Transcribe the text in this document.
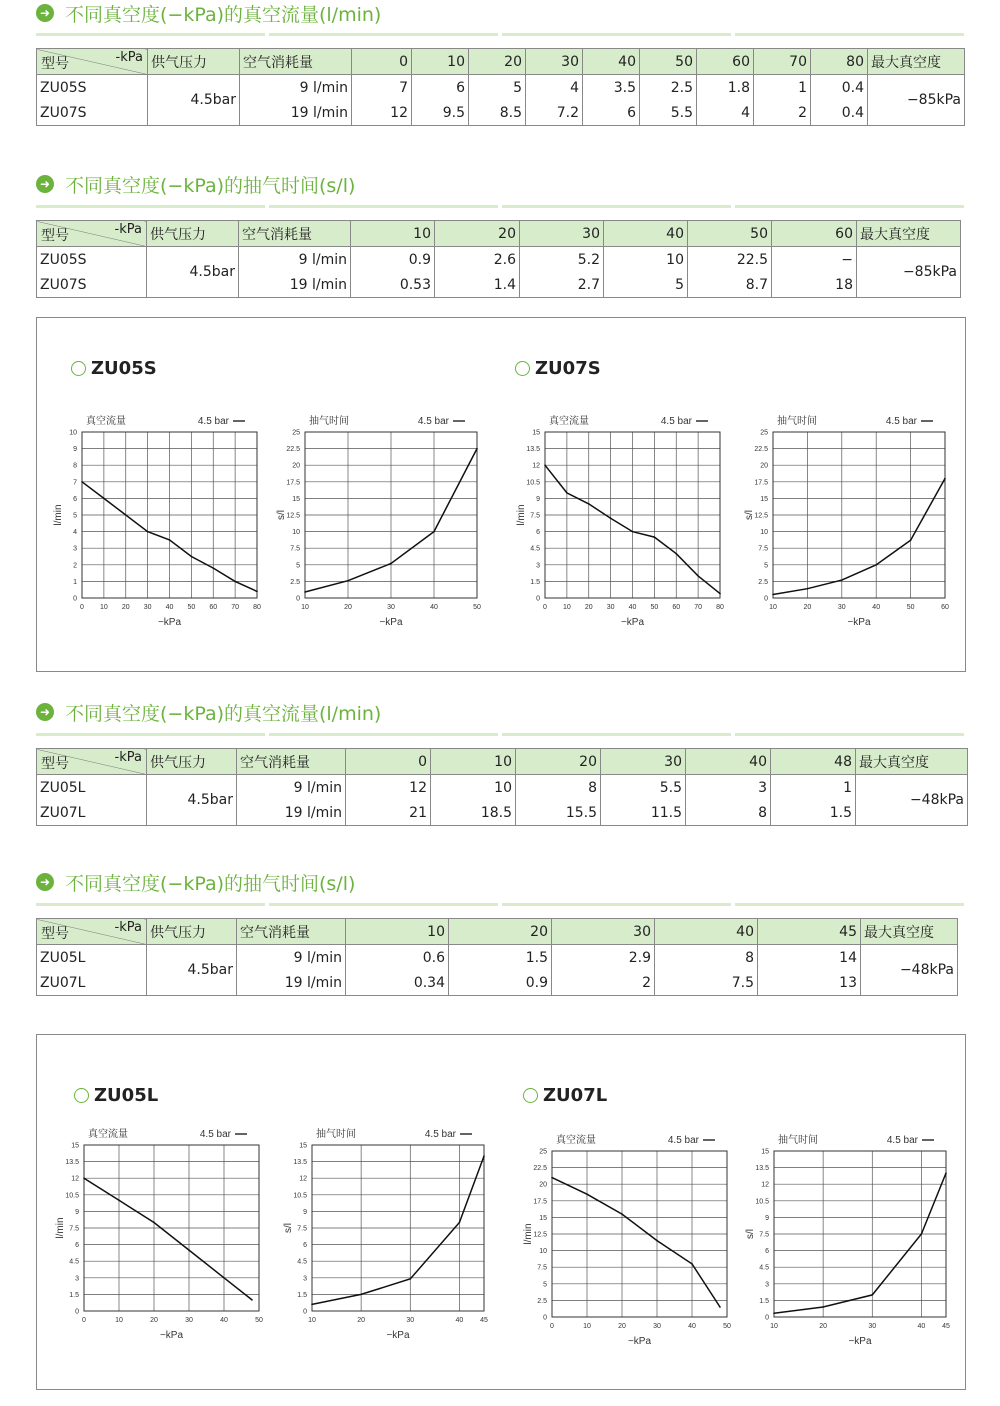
➜ 不同真空度(−kPa)的真空流量(l/min)
-kPa
型号	供气压力	空气消耗量	0	10	20	30	40	50	60	70	80	最大真空度
ZU05S	4.5bar	9 l/min	7	6	5	4	3.5	2.5	1.8	1	0.4	−85kPa
ZU07S		19 l/min	12	9.5	8.5	7.2	6	5.5	4	2	0.4	
➜ 不同真空度(−kPa)的抽气时间(s/l)
-kPa
型号	供气压力	空气消耗量	10	20	30	40	50	60	最大真空度
ZU05S	4.5bar	9 l/min	0.9	2.6	5.2	10	22.5	−	−85kPa
ZU07S		19 l/min	0.53	1.4	2.7	5	8.7	18	
ZU05S	ZU07S
真空流量	4.5 bar
0 10 20 30 40 50 60 70 80
0
1
2
3
4
5
6
7
8
9
10
−kPa
l/min
抽气时间	4.5 bar
10	20	30	40	50
0
2.5
5
7.5
10
12.5
15
17.5
20
22.5
25
−kPa
s/l
真空流量	4.5 bar
0 10 20 30 40 50 60 70 80
0
1.5
3
4.5
6
7.5
9
10.5
12
13.5
15
−kPa
l/min
抽气时间	4.5 bar
10	20	30	40	50	60
0
2.5
5
7.5
10
12.5
15
17.5
20
22.5
25
−kPa
s/l
➜ 不同真空度(−kPa)的真空流量(l/min)
-kPa
型号	供气压力	空气消耗量	0	10	20	30	40	48	最大真空度
ZU05L	4.5bar	9 l/min	12	10	8	5.5	3	1	−48kPa
ZU07L		19 l/min	21	18.5	15.5	11.5	8	1.5	
➜ 不同真空度(−kPa)的抽气时间(s/l)
-kPa
型号	供气压力	空气消耗量	10	20	30	40	45	最大真空度
ZU05L	4.5bar	9 l/min	0.6	1.5	2.9	8	14	−48kPa
ZU07L		19 l/min	0.34	0.9	2	7.5	13	
ZU05L	ZU07L
真空流量	4.5 bar
0	10	20	30	40	50
0
1.5
3
4.5
6
7.5
9
10.5
12
13.5
15
−kPa
l/min
抽气时间	4.5 bar
10	20	30	40 45
0
1.5
3
4.5
6
7.5
9
10.5
12
13.5
15
−kPa
s/l
真空流量	4.5 bar
0	10	20	30	40	50
0
2.5
5
7.5
10
12.5
15
17.5
20
22.5
25
−kPa
l/min
抽气时间	4.5 bar
10	20	30	40 45
0
1.5
3
4.5
6
7.5
9
10.5
12
13.5
15
−kPa
s/l
